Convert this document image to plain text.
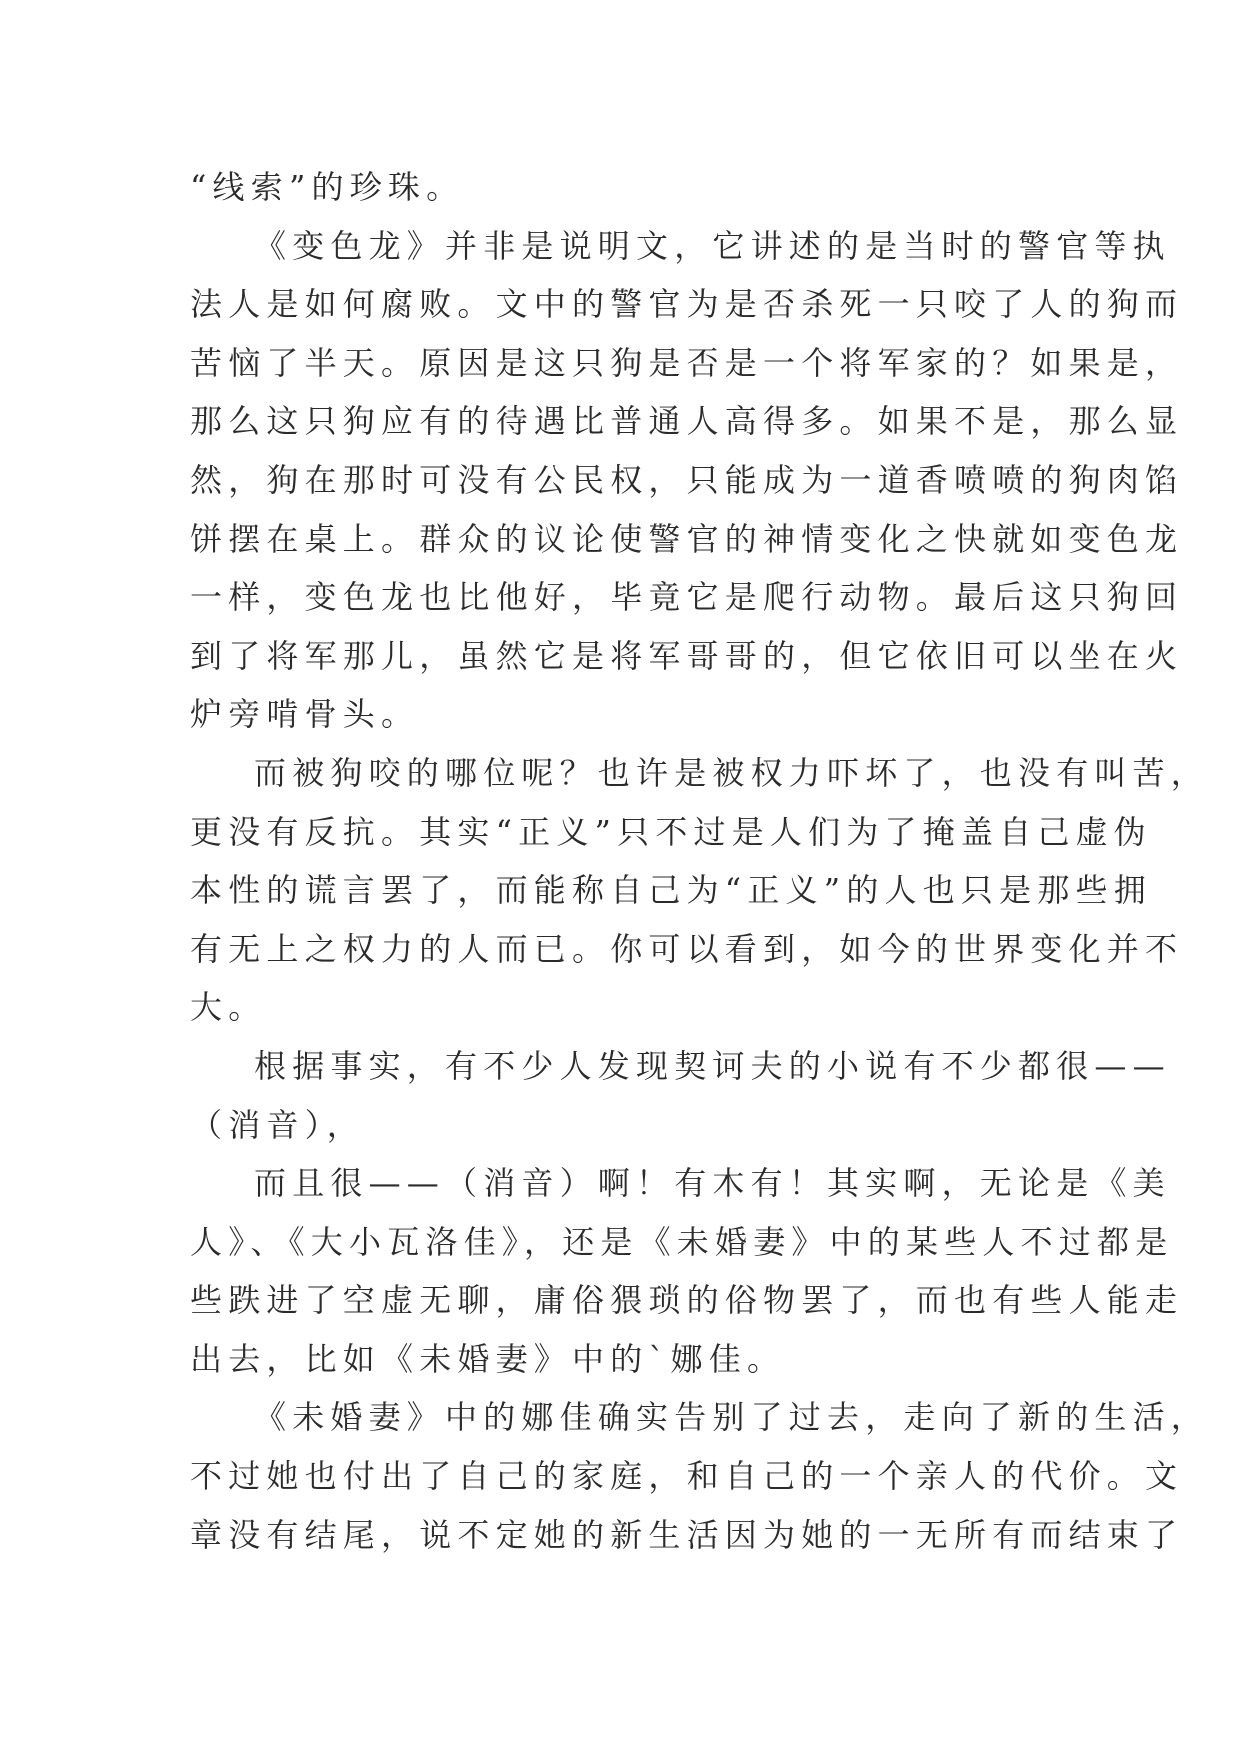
“线索”的珍珠。
《变色龙》并非是说明文，它讲述的是当时的警官等执
法人是如何腐败。文中的警官为是否杀死一只咬了人的狗而
苦恼了半天。原因是这只狗是否是一个将军家的？如果是，
那么这只狗应有的待遇比普通人高得多。如果不是，那么显
然，狗在那时可没有公民权，只能成为一道香喷喷的狗肉馅
饼摆在桌上。群众的议论使警官的神情变化之快就如变色龙
一样，变色龙也比他好，毕竟它是爬行动物。最后这只狗回
到了将军那儿，虽然它是将军哥哥的，但它依旧可以坐在火
炉旁啃骨头。
而被狗咬的哪位呢？也许是被权力吓坏了，也没有叫苦，
更没有反抗。其实“正义”只不过是人们为了掩盖自己虚伪
本性的谎言罢了，而能称自己为“正义”的人也只是那些拥
有无上之权力的人而已。你可以看到，如今的世界变化并不
大。
根据事实，有不少人发现契诃夫的小说有不少都很——
（消音），
而且很——（消音）啊！有木有！其实啊，无论是《美
人》、《大小瓦洛佳》，还是《未婚妻》中的某些人不过都是
些跌进了空虚无聊，庸俗猥琐的俗物罢了，而也有些人能走
出去，比如《未婚妻》中的`娜佳。
《未婚妻》中的娜佳确实告别了过去，走向了新的生活，
不过她也付出了自己的家庭，和自己的一个亲人的代价。文
章没有结尾，说不定她的新生活因为她的一无所有而结束了
